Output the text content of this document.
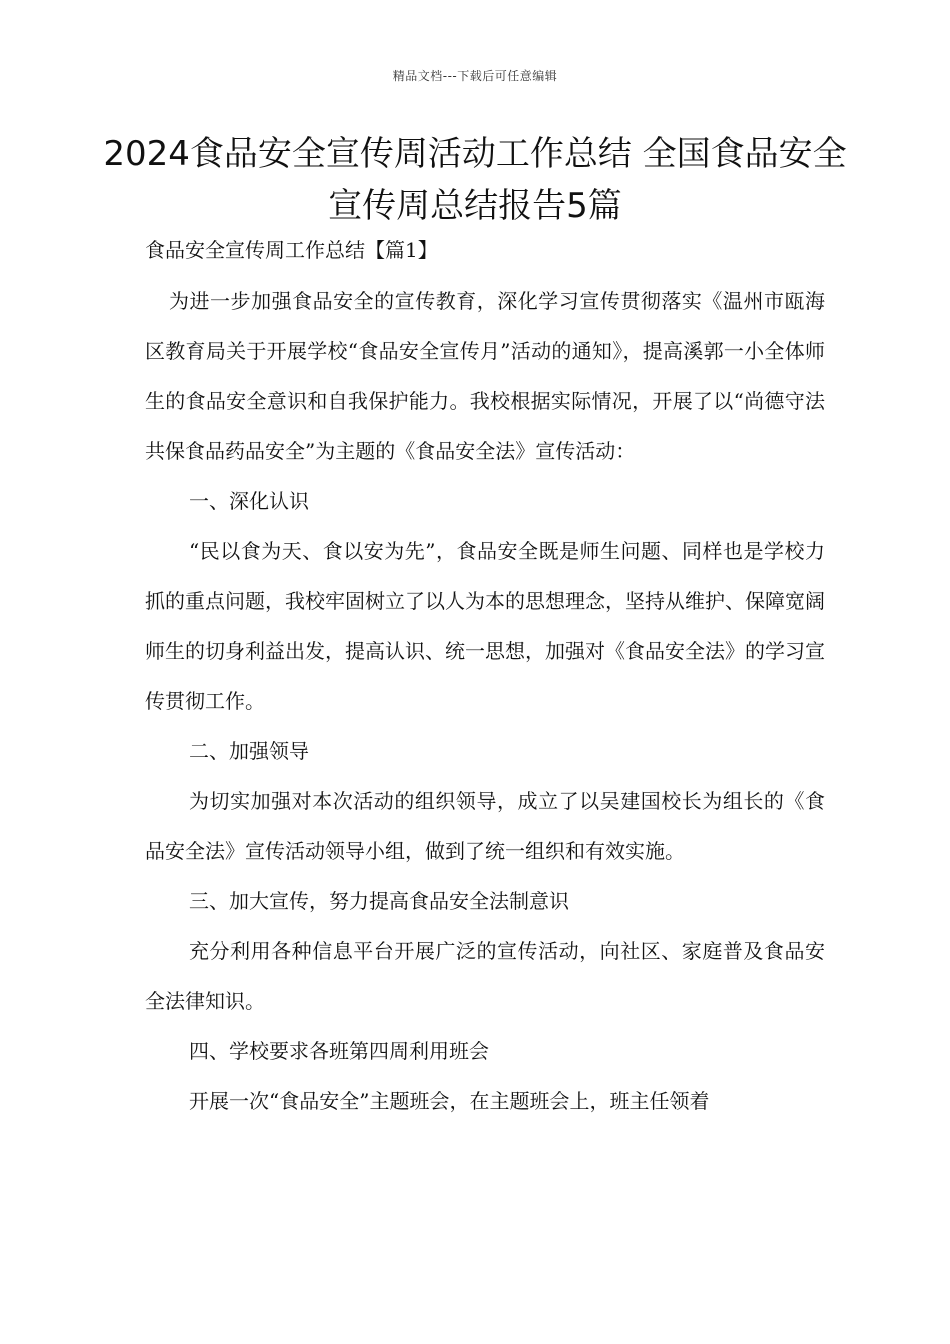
精品文档---下载后可任意编辑
2024食品安全宣传周活动工作总结 全国食品安全宣传周总结报告5篇

食品安全宣传周工作总结【篇1】

为进一步加强食品安全的宣传教育，深化学习宣传贯彻落实《温州市瓯海区教育局关于开展学校“食品安全宣传月”活动的通知》，提高溪郭一小全体师生的食品安全意识和自我保护能力。我校根据实际情况，开展了以“尚德守法共保食品药品安全”为主题的《食品安全法》宣传活动：

一、深化认识

“民以食为天、食以安为先”，食品安全既是师生问题、同样也是学校力抓的重点问题，我校牢固树立了以人为本的思想理念，坚持从维护、保障宽阔师生的切身利益出发，提高认识、统一思想，加强对《食品安全法》的学习宣传贯彻工作。

二、加强领导

为切实加强对本次活动的组织领导，成立了以吴建国校长为组长的《食品安全法》宣传活动领导小组，做到了统一组织和有效实施。

三、加大宣传，努力提高食品安全法制意识

充分利用各种信息平台开展广泛的宣传活动，向社区、家庭普及食品安全法律知识。

四、学校要求各班第四周利用班会

开展一次“食品安全”主题班会，在主题班会上，班主任领着
